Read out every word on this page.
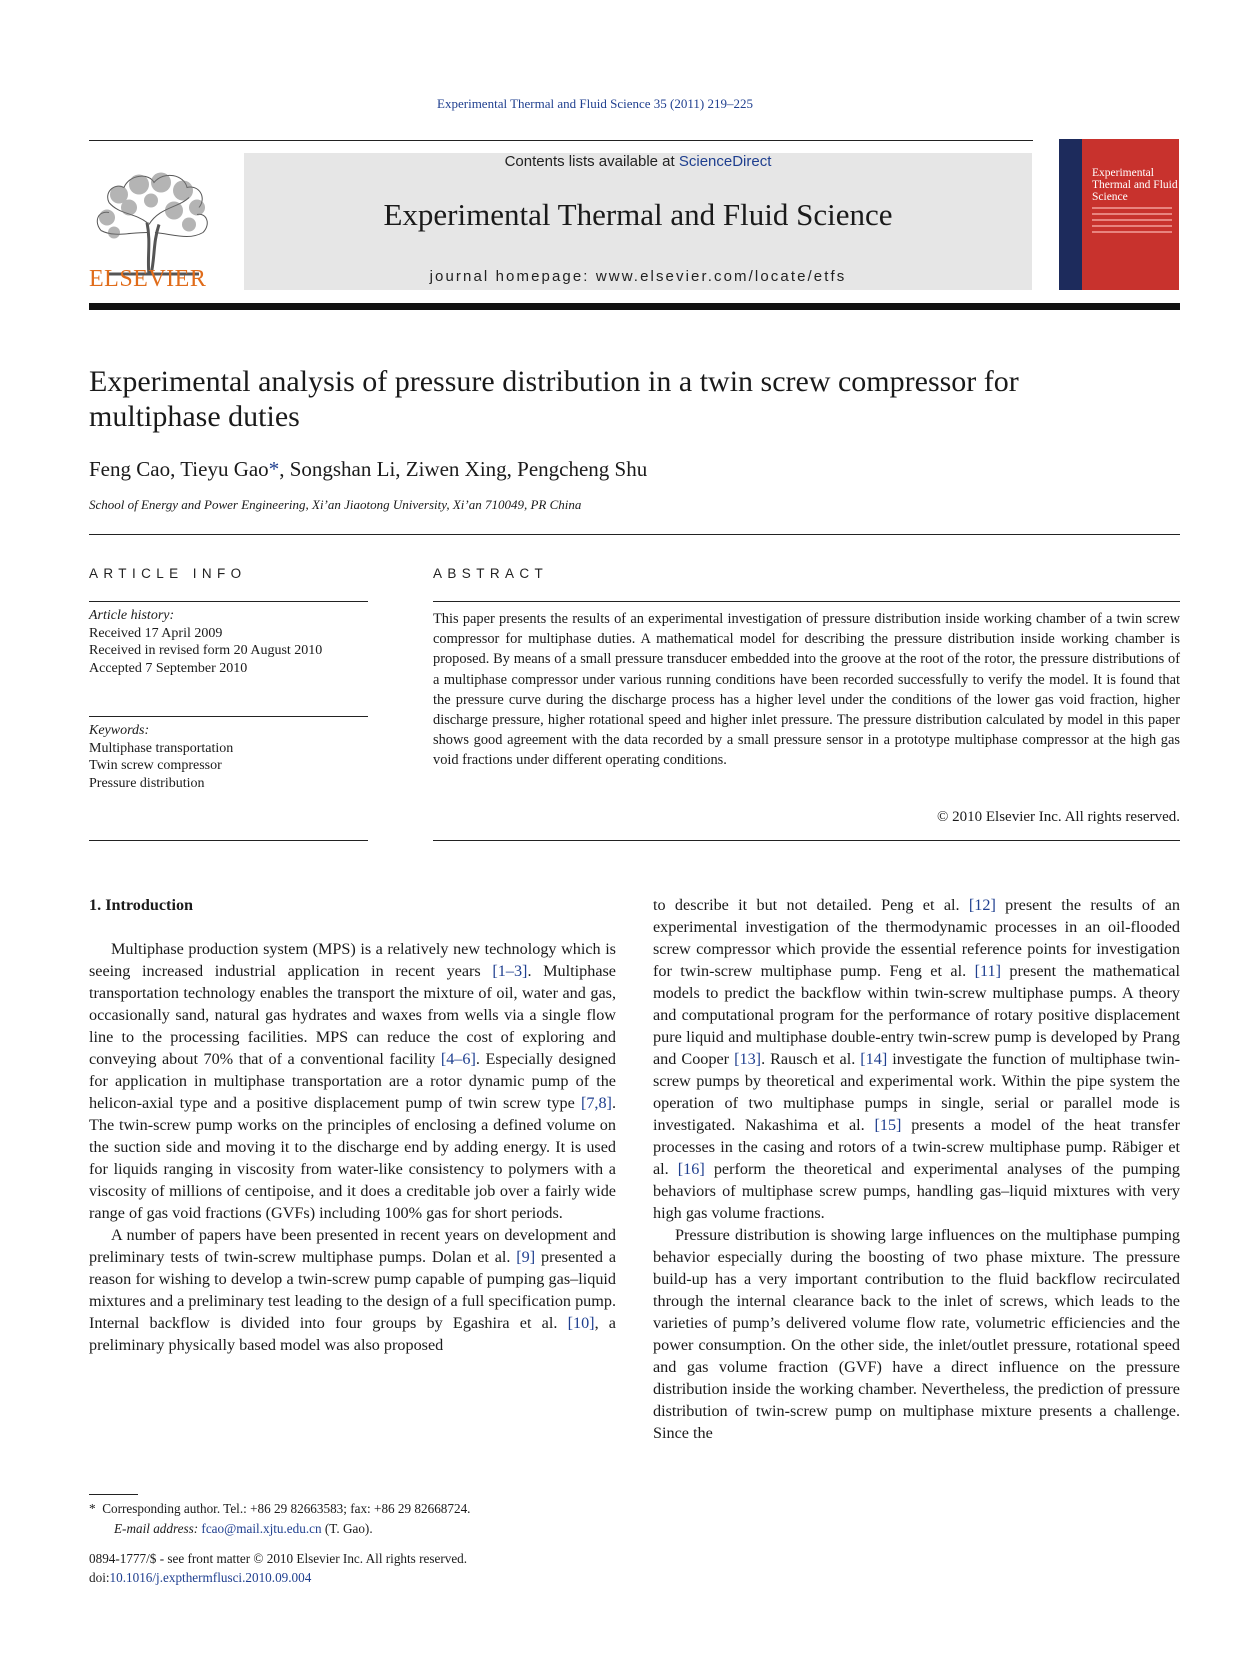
Experimental Thermal and Fluid Science 35 (2011) 219–225
ELSEVIER
Contents lists available at ScienceDirect
Experimental Thermal and Fluid Science
journal homepage: www.elsevier.com/locate/etfs
Experimental Thermal and Fluid Science
Experimental analysis of pressure distribution in a twin screw compressor for multiphase duties
Feng Cao, Tieyu Gao*, Songshan Li, Ziwen Xing, Pengcheng Shu
School of Energy and Power Engineering, Xi’an Jiaotong University, Xi’an 710049, PR China
ARTICLE INFO
Article history:
Received 17 April 2009
Received in revised form 20 August 2010
Accepted 7 September 2010
Keywords:
Multiphase transportation
Twin screw compressor
Pressure distribution
ABSTRACT

This paper presents the results of an experimental investigation of pressure distribution inside working chamber of a twin screw compressor for multiphase duties. A mathematical model for describing the pressure distribution inside working chamber is proposed. By means of a small pressure transducer embedded into the groove at the root of the rotor, the pressure distributions of a multiphase compressor under various running conditions have been recorded successfully to verify the model. It is found that the pressure curve during the discharge process has a higher level under the conditions of the lower gas void fraction, higher discharge pressure, higher rotational speed and higher inlet pressure. The pressure distribution calculated by model in this paper shows good agreement with the data recorded by a small pressure sensor in a prototype multiphase compressor at the high gas void fractions under different operating conditions.

© 2010 Elsevier Inc. All rights reserved.
1. Introduction

Multiphase production system (MPS) is a relatively new technology which is seeing increased industrial application in recent years [1–3]. Multiphase transportation technology enables the transport the mixture of oil, water and gas, occasionally sand, natural gas hydrates and waxes from wells via a single flow line to the processing facilities. MPS can reduce the cost of exploring and conveying about 70% that of a conventional facility [4–6]. Especially designed for application in multiphase transportation are a rotor dynamic pump of the helicon-axial type and a positive displacement pump of twin screw type [7,8]. The twin-screw pump works on the principles of enclosing a defined volume on the suction side and moving it to the discharge end by adding energy. It is used for liquids ranging in viscosity from water-like consistency to polymers with a viscosity of millions of centipoise, and it does a creditable job over a fairly wide range of gas void fractions (GVFs) including 100% gas for short periods.

A number of papers have been presented in recent years on development and preliminary tests of twin-screw multiphase pumps. Dolan et al. [9] presented a reason for wishing to develop a twin-screw pump capable of pumping gas–liquid mixtures and a preliminary test leading to the design of a full specification pump. Internal backflow is divided into four groups by Egashira et al. [10], a preliminary physically based model was also proposed

to describe it but not detailed. Peng et al. [12] present the results of an experimental investigation of the thermodynamic processes in an oil-flooded screw compressor which provide the essential reference points for investigation for twin-screw multiphase pump. Feng et al. [11] present the mathematical models to predict the backflow within twin-screw multiphase pumps. A theory and computational program for the performance of rotary positive displacement pure liquid and multiphase double-entry twin-screw pump is developed by Prang and Cooper [13]. Rausch et al. [14] investigate the function of multiphase twin-screw pumps by theoretical and experimental work. Within the pipe system the operation of two multiphase pumps in single, serial or parallel mode is investigated. Nakashima et al. [15] presents a model of the heat transfer processes in the casing and rotors of a twin-screw multiphase pump. Räbiger et al. [16] perform the theoretical and experimental analyses of the pumping behaviors of multiphase screw pumps, handling gas–liquid mixtures with very high gas volume fractions.

Pressure distribution is showing large influences on the multiphase pumping behavior especially during the boosting of two phase mixture. The pressure build-up has a very important contribution to the fluid backflow recirculated through the internal clearance back to the inlet of screws, which leads to the varieties of pump’s delivered volume flow rate, volumetric efficiencies and the power consumption. On the other side, the inlet/outlet pressure, rotational speed and gas volume fraction (GVF) have a direct influence on the pressure distribution inside the working chamber. Nevertheless, the prediction of pressure distribution of twin-screw pump on multiphase mixture presents a challenge. Since the

* Corresponding author. Tel.: +86 29 82663583; fax: +86 29 82668724.
E-mail address: fcao@mail.xjtu.edu.cn (T. Gao).
0894-1777/$ - see front matter © 2010 Elsevier Inc. All rights reserved.
doi:10.1016/j.expthermflusci.2010.09.004
